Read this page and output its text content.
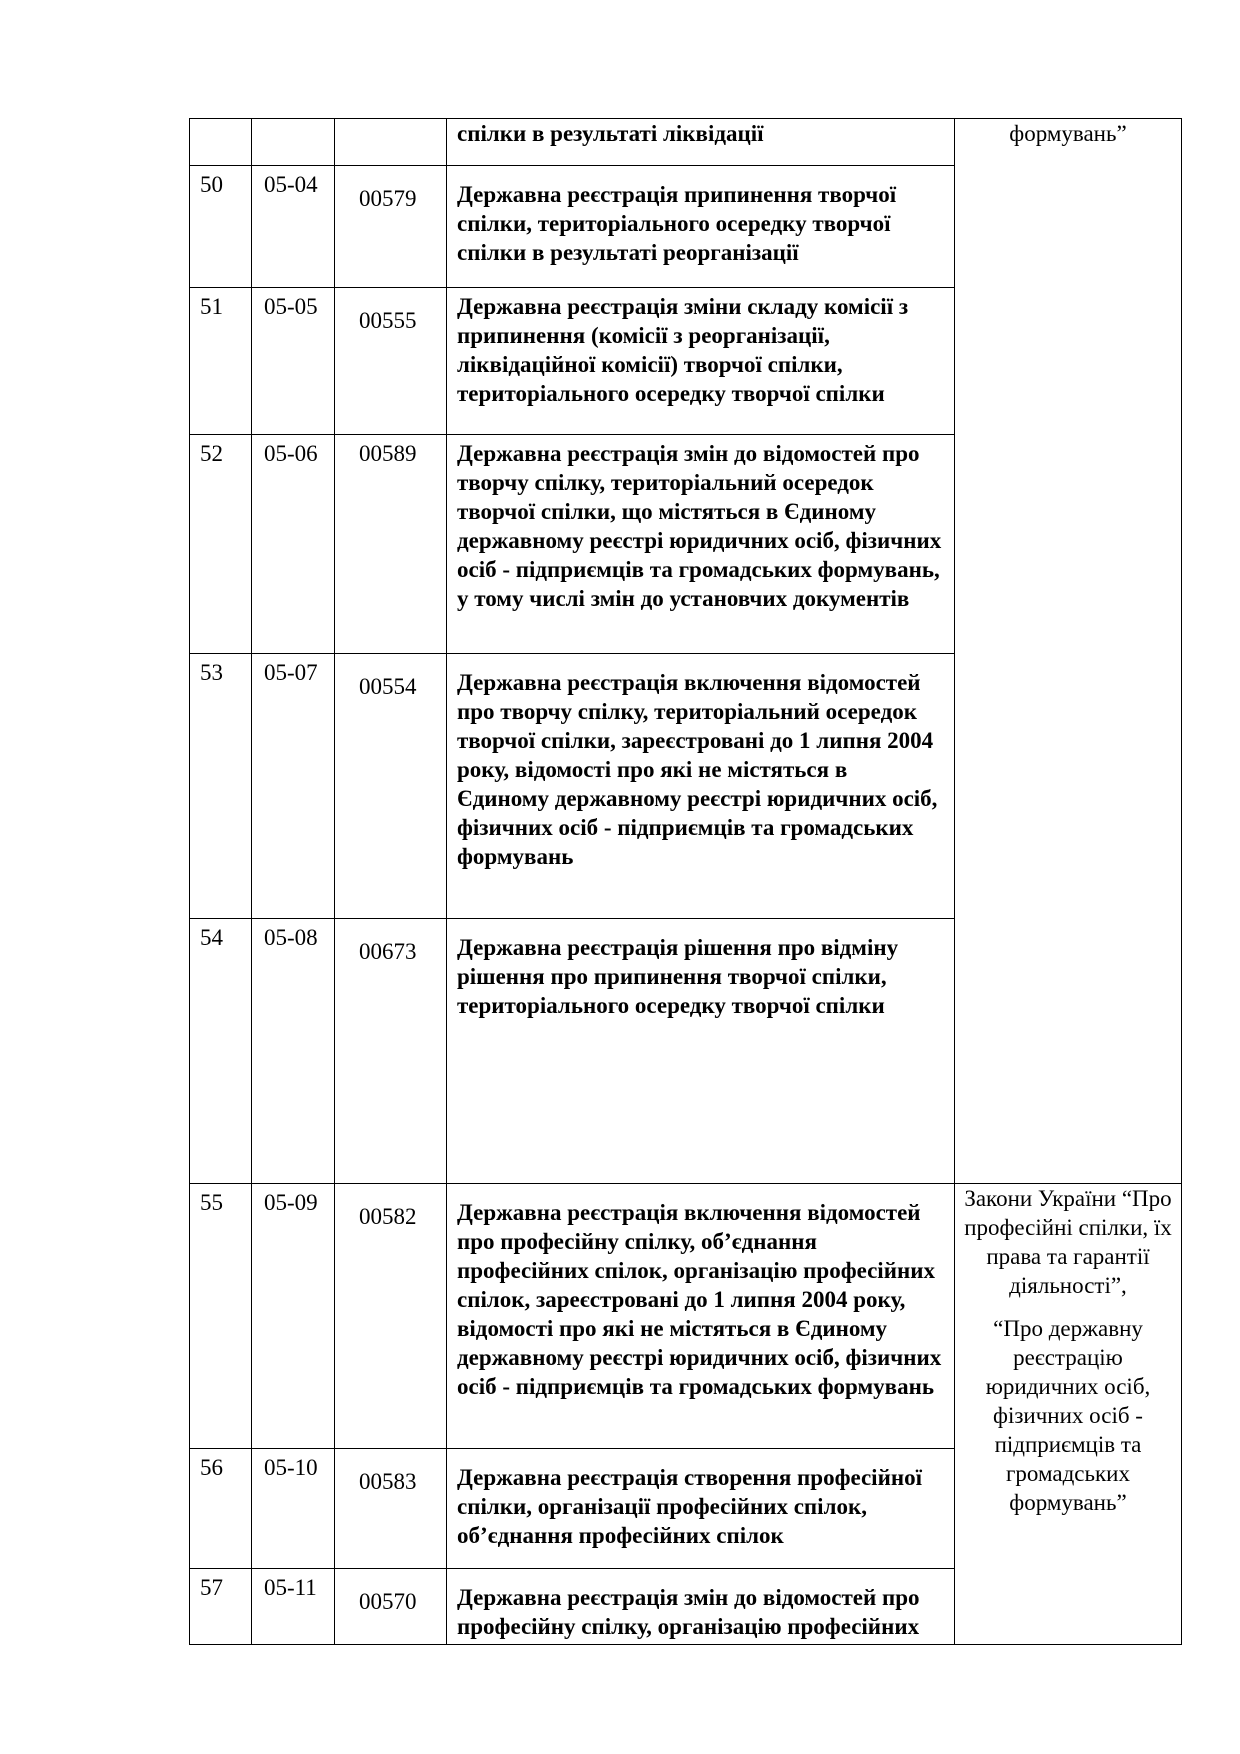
			спілки в результаті ліквідації	формувань”
50	05-04	00579	Державна реєстрація припинення творчої спілки, територіального осередку творчої спілки в результаті реорганізації	
51	05-05	00555	Державна реєстрація зміни складу комісії з припинення (комісії з реорганізації, ліквідаційної комісії) творчої спілки, територіального осередку творчої спілки	
52	05-06	00589	Державна реєстрація змін до відомостей про творчу спілку, територіальний осередок творчої спілки, що містяться в Єдиному державному реєстрі юридичних осіб, фізичних осіб - підприємців та громадських формувань, у тому числі змін до установчих документів	
53	05-07	00554	Державна реєстрація включення відомостей про творчу спілку, територіальний осередок творчої спілки, зареєстровані до 1 липня 2004 року, відомості про які не містяться в Єдиному державному реєстрі юридичних осіб, фізичних осіб - підприємців та громадських формувань	
54	05-08	00673	Державна реєстрація рішення про відміну рішення про припинення творчої спілки, територіального осередку творчої спілки	
55	05-09	00582	Державна реєстрація включення відомостей про професійну спілку, об’єднання професійних спілок, організацію професійних спілок, зареєстровані до 1 липня 2004 року, відомості про які не містяться в Єдиному державному реєстрі юридичних осіб, фізичних осіб - підприємців та громадських формувань	Закони України “Про професійні спілки, їх права та гарантії діяльності”,
“Про державну реєстрацію юридичних осіб, фізичних осіб - підприємців та громадських формувань”

56	05-10	00583	Державна реєстрація створення професійної спілки, організації професійних спілок, об’єднання професійних спілок	
57	05-11	00570	Державна реєстрація змін до відомостей про професійну спілку, організацію професійних	
